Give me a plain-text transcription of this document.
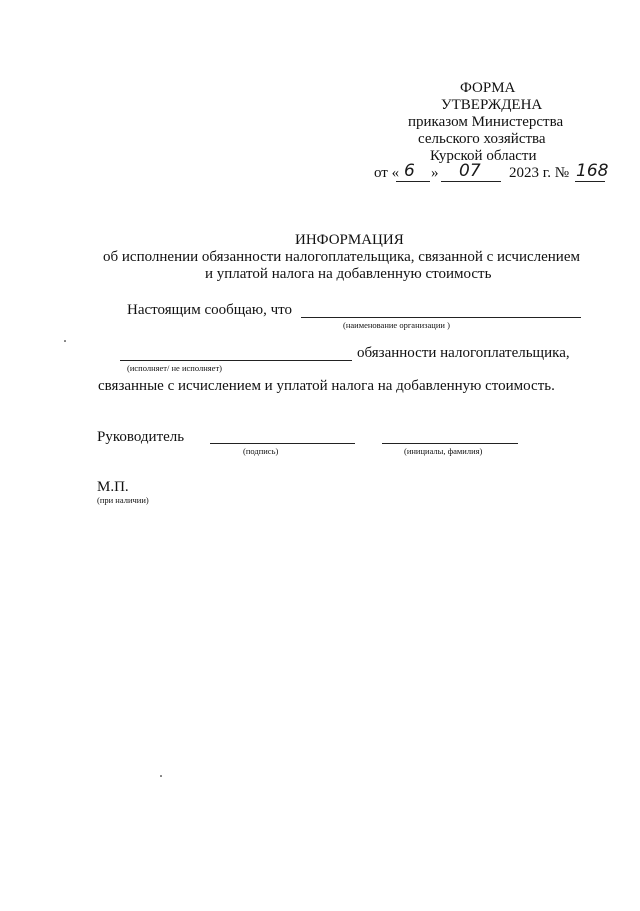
ФОРМА
УТВЕРЖДЕНА
приказом Министерства
сельского хозяйства
Курской области
от « 6 » 07 2023 г. № 168
ИНФОРМАЦИЯ
об исполнении обязанности налогоплательщика, связанной с исчислением
и уплатой налога на добавленную стоимость
Настоящим сообщаю, что
(наименование организации )
обязанности налогоплательщика,
(исполняет/ не исполняет)
связанные с исчислением и уплатой налога на добавленную стоимость.
Руководитель
(подпись)	(инициалы, фамилия)
М.П.
(при наличии)
